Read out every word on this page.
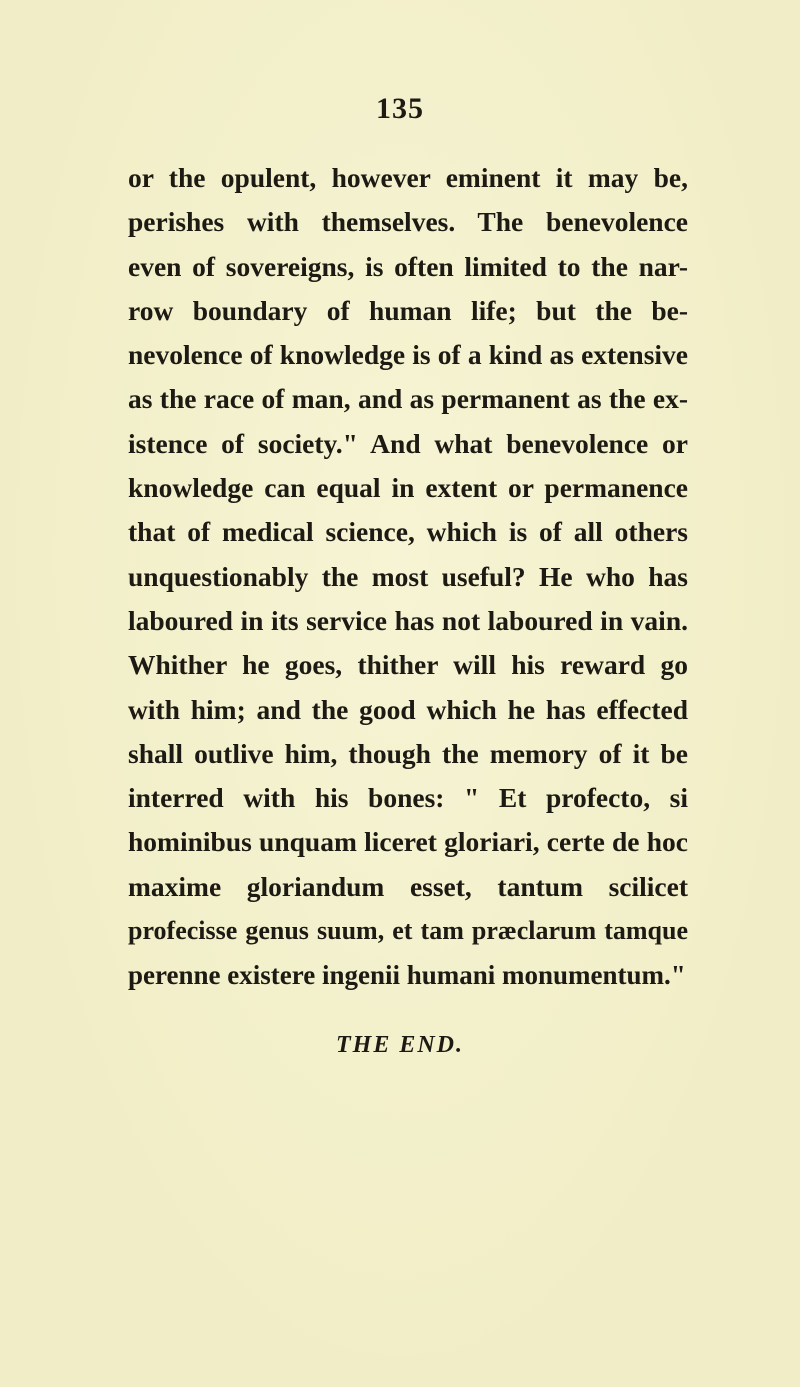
135
or the opulent, however eminent it may be,
perishes with themselves. The benevolence
even of sovereigns, is often limited to the nar-
row boundary of human life; but the be-
nevolence of knowledge is of a kind as extensive
as the race of man, and as permanent as the ex-
istence of society." And what benevolence or
knowledge can equal in extent or permanence
that of medical science, which is of all others
unquestionably the most useful? He who has
laboured in its service has not laboured in vain.
Whither he goes, thither will his reward go
with him; and the good which he has effected
shall outlive him, though the memory of it be
interred with his bones: " Et profecto, si
hominibus unquam liceret gloriari, certe de hoc
maxime gloriandum esset, tantum scilicet
profecisse genus suum, et tam præclarum tamque
perenne existere ingenii humani monumentum."
THE END.
